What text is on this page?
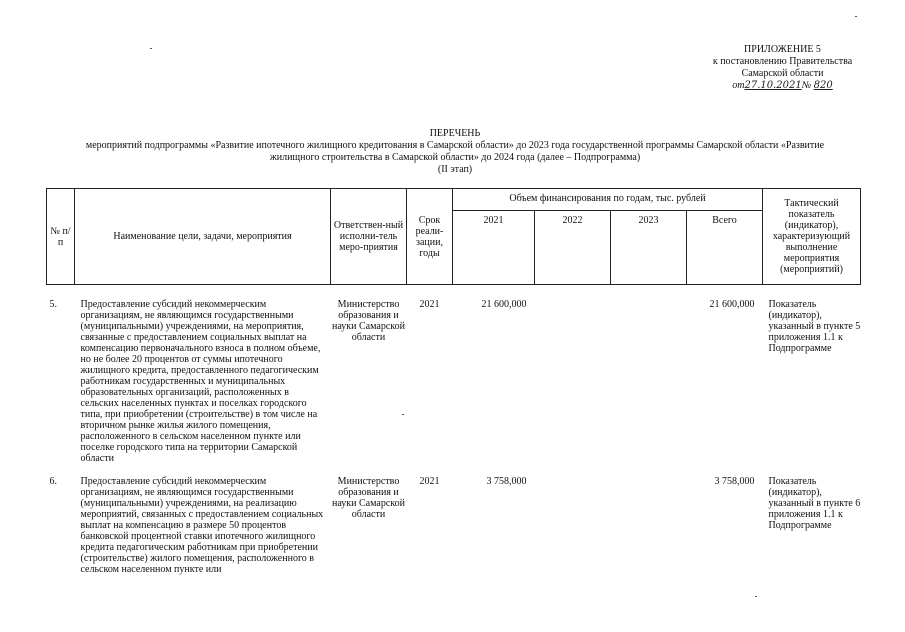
ПРИЛОЖЕНИЕ 5
к постановлению Правительства
Самарской области
от27.10.2021№ 820
ПЕРЕЧЕНЬ
мероприятий подпрограммы «Развитие ипотечного жилищного кредитования в Самарской области» до 2023 года государственной программы Самарской области «Развитие
жилищного строительства в Самарской области» до 2024 года (далее – Подпрограмма)
(II этап)
№ п/п	Наименование цели, задачи, мероприятия	Ответствен-ный исполни-тель меро-приятия	Срок реали-зации, годы	Объем финансирования по годам, тыс. рублей				Тактический показатель (индикатор), характеризующий выполнение мероприятия (мероприятий)
				2021	2022	2023	Всего	

5.	Предоставление субсидий некоммерческим организациям, не являющимся государственными (муниципальными) учреждениями, на мероприятия, связанные с предоставлением социальных выплат на компенсацию первоначального взноса в полном объеме, но не более 20 процентов от суммы ипотечного жилищного кредита, предоставленного педагогическим работникам государственных и муниципальных образовательных организаций, расположенных в сельских населенных пунктах и поселках городского типа, при приобретении (строительстве) в том числе на вторичном рынке жилья жилого помещения, расположенного в сельском населенном пункте или поселке городского типа на территории Самарской области	Министерство образования и науки Самарской области	2021	21 600,000			21 600,000	Показатель (индикатор), указанный в пункте 5 приложения 1.1 к Подпрограмме

6.	Предоставление субсидий некоммерческим организациям, не являющимся государственными (муниципальными) учреждениями, на реализацию мероприятий, связанных с предоставлением социальных выплат на компенсацию в размере 50 процентов банковской процентной ставки ипотечного жилищного кредита педагогическим работникам при приобретении (строительстве) жилого помещения, расположенного в сельском населенном пункте или	Министерство образования и науки Самарской области	2021	3 758,000			3 758,000	Показатель (индикатор), указанный в пункте 6 приложения 1.1 к Подпрограмме
